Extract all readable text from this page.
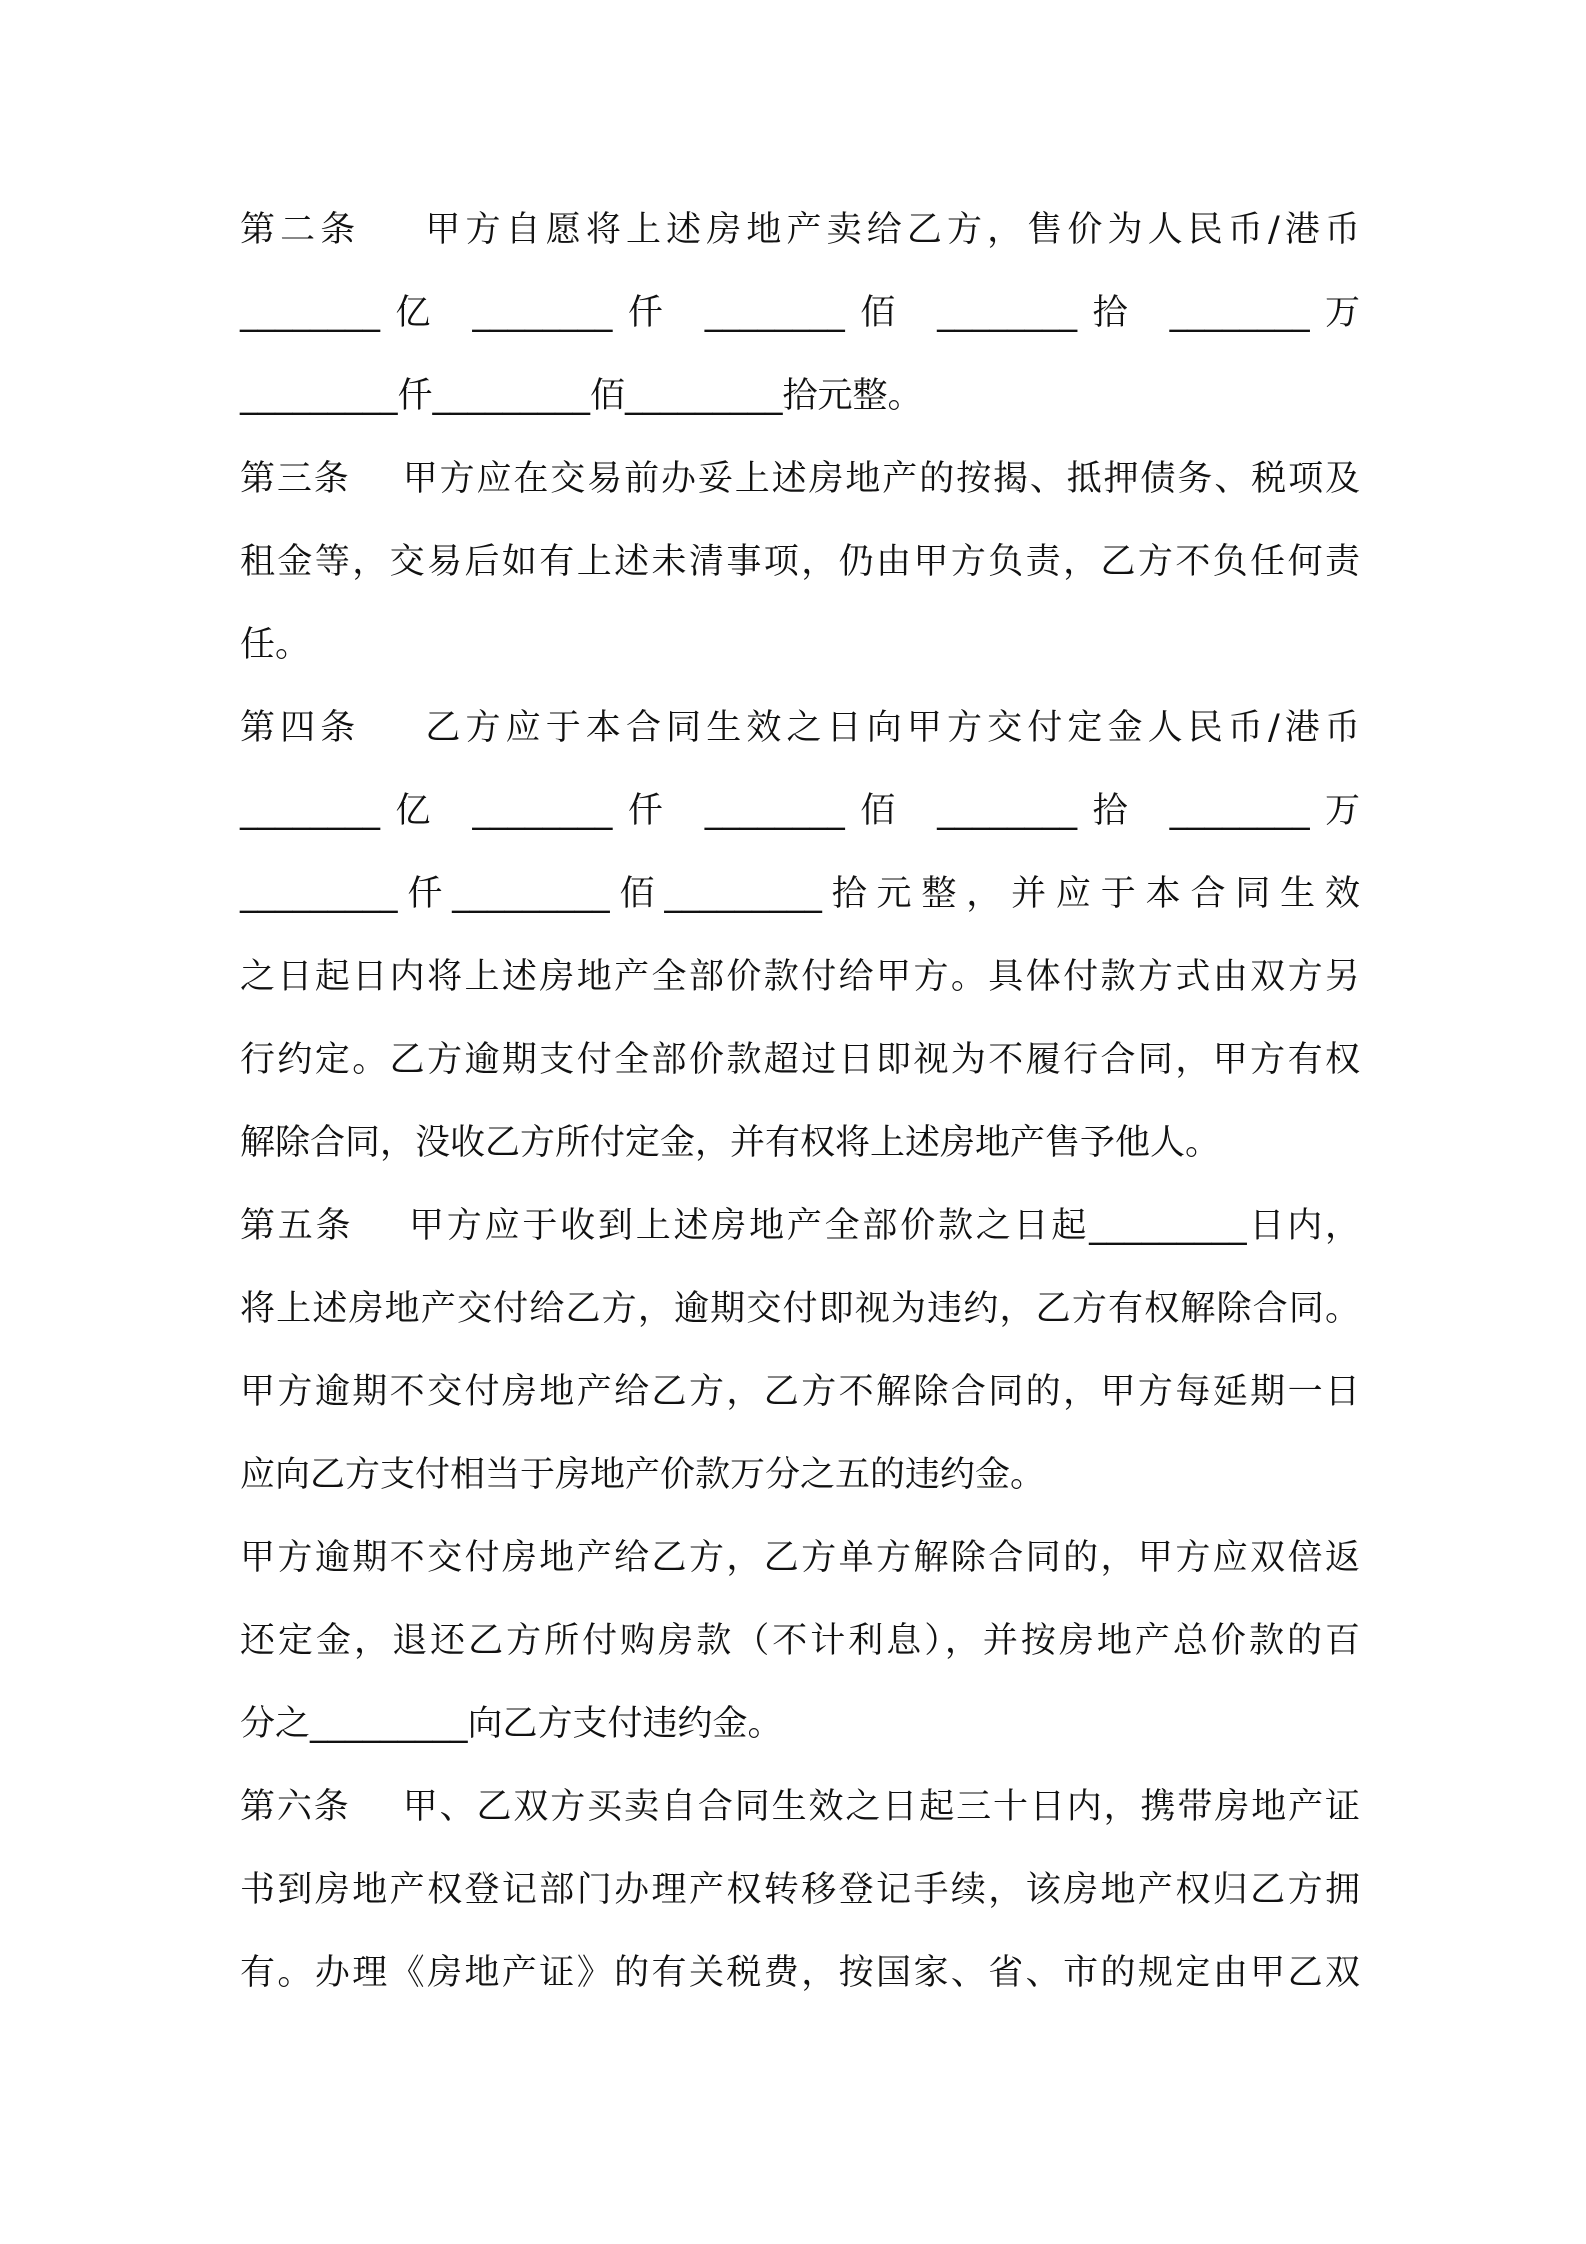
第二条    甲方自愿将上述房地产卖给乙方，售价为人民币/港币
________亿 ________仟 ________佰 ________拾 ________万
_________仟_________佰_________拾元整。
第三条    甲方应在交易前办妥上述房地产的按揭、抵押债务、税项及
租金等，交易后如有上述未清事项，仍由甲方负责，乙方不负任何责
任。
第四条    乙方应于本合同生效之日向甲方交付定金人民币/港币
________亿 ________仟 ________佰 ________拾 ________万
_________仟_________佰_________拾元整，并应于本合同生效
之日起日内将上述房地产全部价款付给甲方。具体付款方式由双方另
行约定。乙方逾期支付全部价款超过日即视为不履行合同，甲方有权
解除合同，没收乙方所付定金，并有权将上述房地产售予他人。
第五条    甲方应于收到上述房地产全部价款之日起_________日内，
将上述房地产交付给乙方，逾期交付即视为违约，乙方有权解除合同。
甲方逾期不交付房地产给乙方，乙方不解除合同的，甲方每延期一日
应向乙方支付相当于房地产价款万分之五的违约金。
甲方逾期不交付房地产给乙方，乙方单方解除合同的，甲方应双倍返
还定金，退还乙方所付购房款（不计利息），并按房地产总价款的百
分之_________向乙方支付违约金。
第六条    甲、乙双方买卖自合同生效之日起三十日内，携带房地产证
书到房地产权登记部门办理产权转移登记手续，该房地产权归乙方拥
有。办理《房地产证》的有关税费，按国家、省、市的规定由甲乙双
